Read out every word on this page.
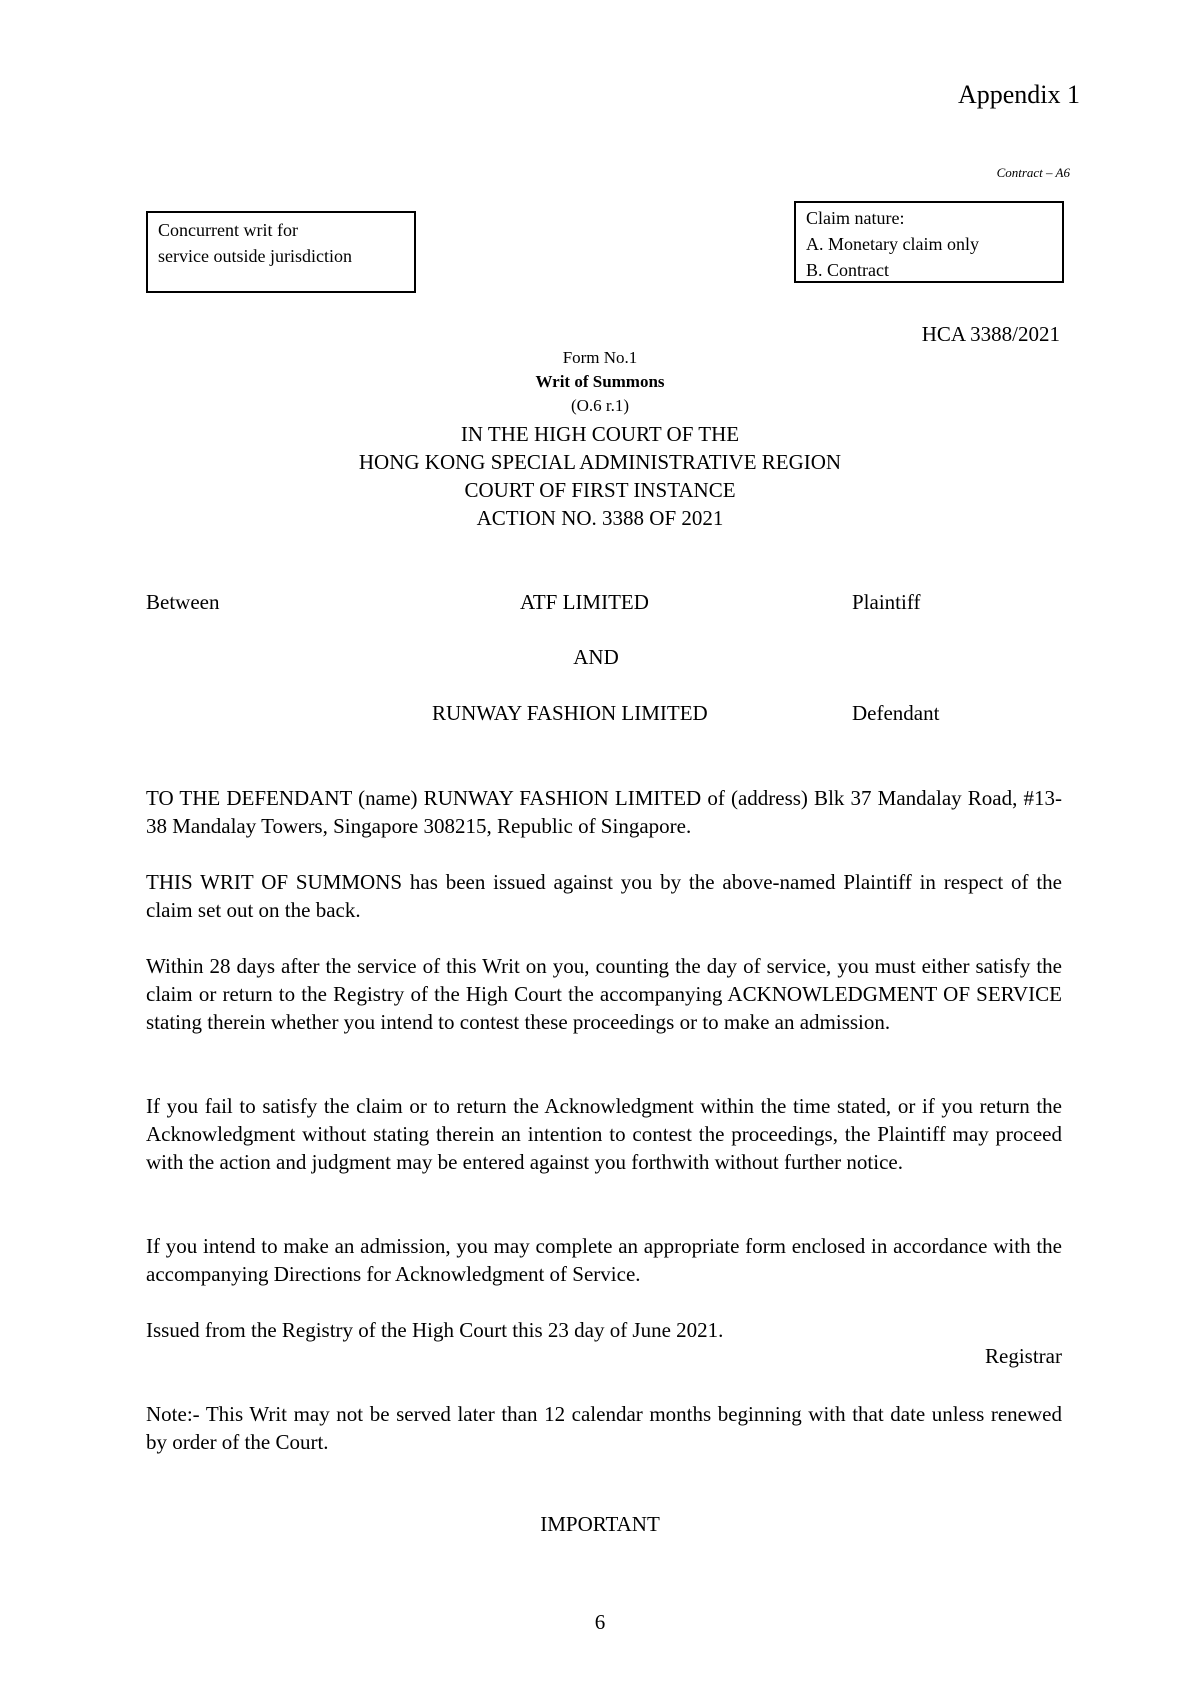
Appendix 1
Contract – A6
Concurrent writ for
service outside jurisdiction
Claim nature:
A. Monetary claim only
B. Contract
HCA 3388/2021
Form No.1
Writ of Summons
(O.6 r.1)
IN THE HIGH COURT OF THE
HONG KONG SPECIAL ADMINISTRATIVE REGION
COURT OF FIRST INSTANCE
ACTION NO. 3388 OF 2021
Between	ATF LIMITED	Plaintiff
AND
RUNWAY FASHION LIMITED	Defendant
TO THE DEFENDANT (name) RUNWAY FASHION LIMITED of (address) Blk 37 Mandalay Road, #13-38 Mandalay Towers, Singapore 308215, Republic of Singapore.
THIS WRIT OF SUMMONS has been issued against you by the above-named Plaintiff in respect of the claim set out on the back.
Within 28 days after the service of this Writ on you, counting the day of service, you must either satisfy the claim or return to the Registry of the High Court the accompanying ACKNOWLEDGMENT OF SERVICE stating therein whether you intend to contest these proceedings or to make an admission.
If you fail to satisfy the claim or to return the Acknowledgment within the time stated, or if you return the Acknowledgment without stating therein an intention to contest the proceedings, the Plaintiff may proceed with the action and judgment may be entered against you forthwith without further notice.
If you intend to make an admission, you may complete an appropriate form enclosed in accordance with the accompanying Directions for Acknowledgment of Service.
Issued from the Registry of the High Court this 23 day of June 2021.
Registrar
Note:- This Writ may not be served later than 12 calendar months beginning with that date unless renewed by order of the Court.
IMPORTANT
6
